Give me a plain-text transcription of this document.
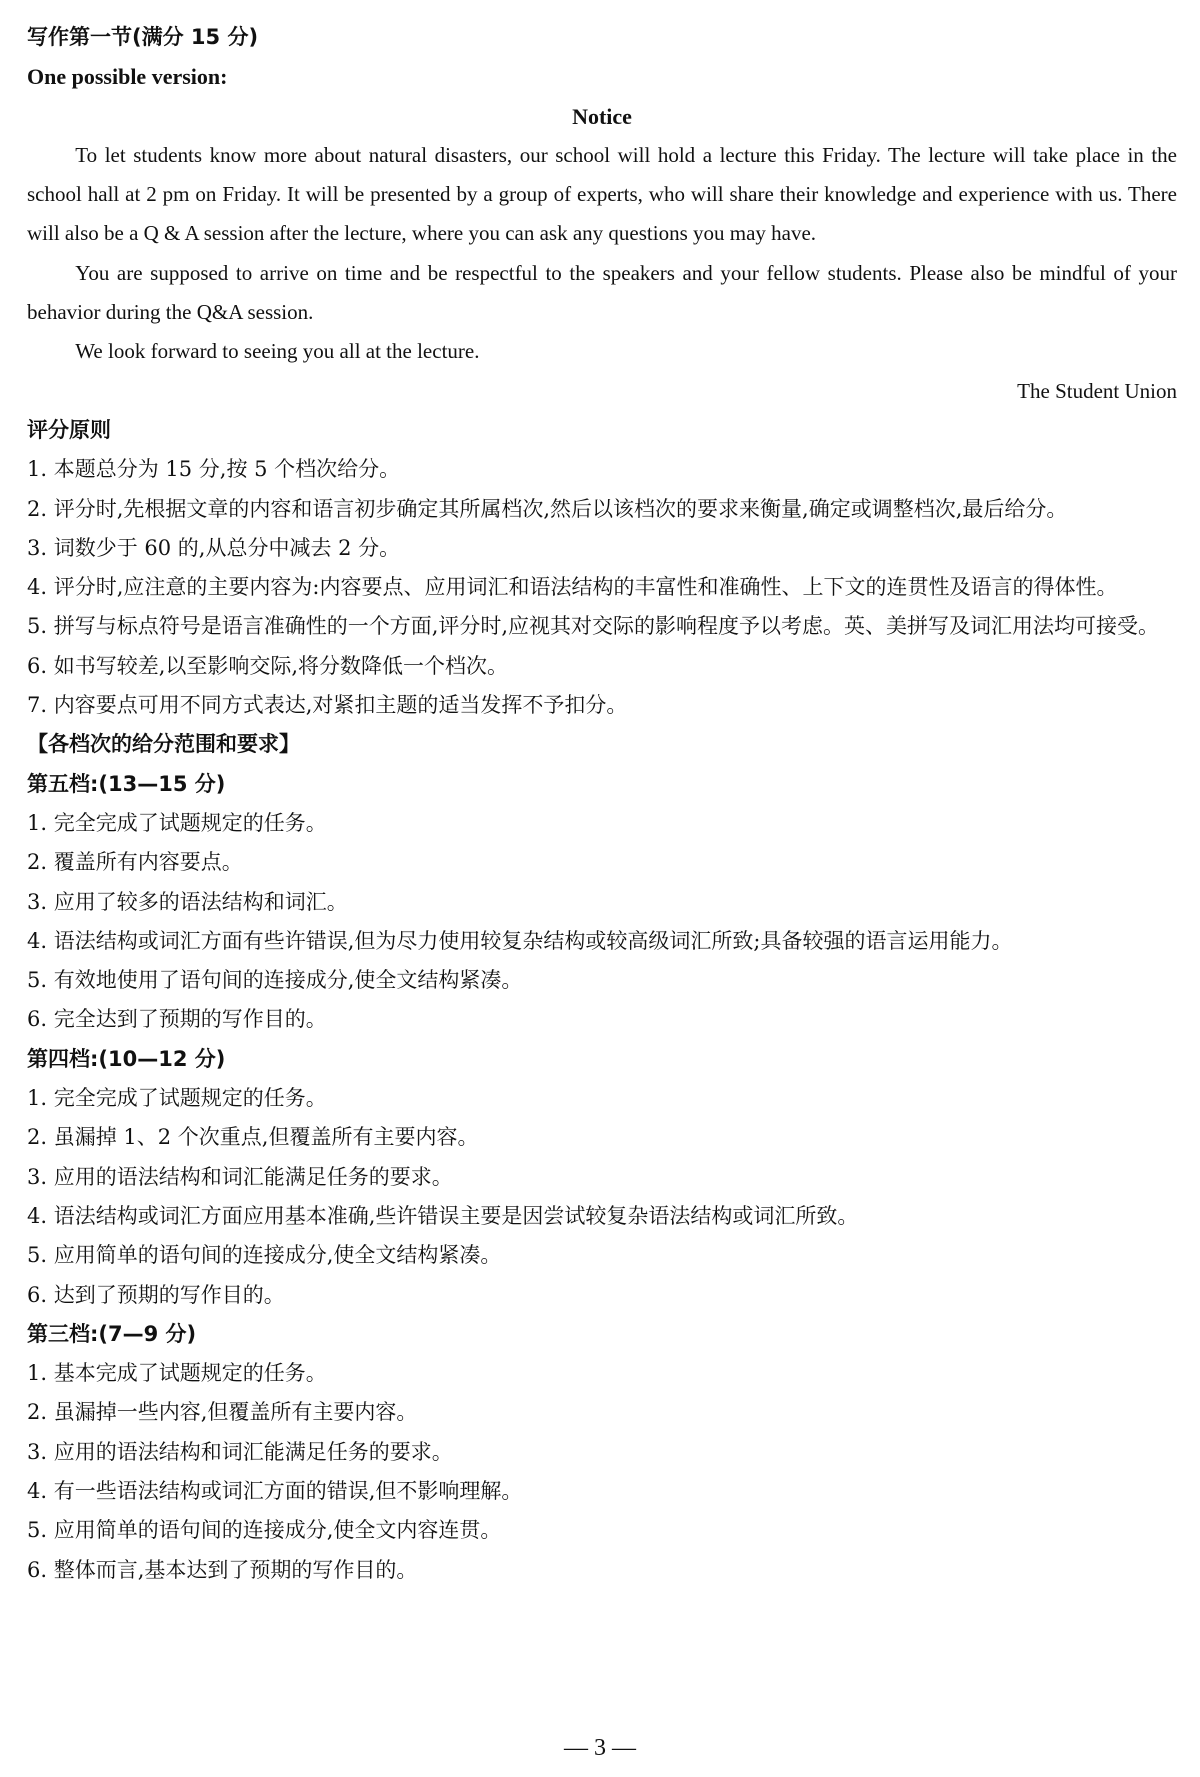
写作第一节(满分 15 分)
One possible version:
Notice
To let students know more about natural disasters, our school will hold a lecture this Friday. The lecture will take place in the school hall at 2 pm on Friday. It will be presented by a group of experts, who will share their knowledge and experience with us. There will also be a Q & A session after the lecture, where you can ask any questions you may have.
You are supposed to arrive on time and be respectful to the speakers and your fellow students. Please also be mindful of your behavior during the Q&A session.
We look forward to seeing you all at the lecture.
The Student Union
评分原则
1. 本题总分为 15 分,按 5 个档次给分。
2. 评分时,先根据文章的内容和语言初步确定其所属档次,然后以该档次的要求来衡量,确定或调整档次,最后给分。
3. 词数少于 60 的,从总分中减去 2 分。
4. 评分时,应注意的主要内容为:内容要点、应用词汇和语法结构的丰富性和准确性、上下文的连贯性及语言的得体性。
5. 拼写与标点符号是语言准确性的一个方面,评分时,应视其对交际的影响程度予以考虑。英、美拼写及词汇用法均可接受。
6. 如书写较差,以至影响交际,将分数降低一个档次。
7. 内容要点可用不同方式表达,对紧扣主题的适当发挥不予扣分。
【各档次的给分范围和要求】
第五档:(13—15 分)
1. 完全完成了试题规定的任务。
2. 覆盖所有内容要点。
3. 应用了较多的语法结构和词汇。
4. 语法结构或词汇方面有些许错误,但为尽力使用较复杂结构或较高级词汇所致;具备较强的语言运用能力。
5. 有效地使用了语句间的连接成分,使全文结构紧凑。
6. 完全达到了预期的写作目的。
第四档:(10—12 分)
1. 完全完成了试题规定的任务。
2. 虽漏掉 1、2 个次重点,但覆盖所有主要内容。
3. 应用的语法结构和词汇能满足任务的要求。
4. 语法结构或词汇方面应用基本准确,些许错误主要是因尝试较复杂语法结构或词汇所致。
5. 应用简单的语句间的连接成分,使全文结构紧凑。
6. 达到了预期的写作目的。
第三档:(7—9 分)
1. 基本完成了试题规定的任务。
2. 虽漏掉一些内容,但覆盖所有主要内容。
3. 应用的语法结构和词汇能满足任务的要求。
4. 有一些语法结构或词汇方面的错误,但不影响理解。
5. 应用简单的语句间的连接成分,使全文内容连贯。
6. 整体而言,基本达到了预期的写作目的。
— 3 —
